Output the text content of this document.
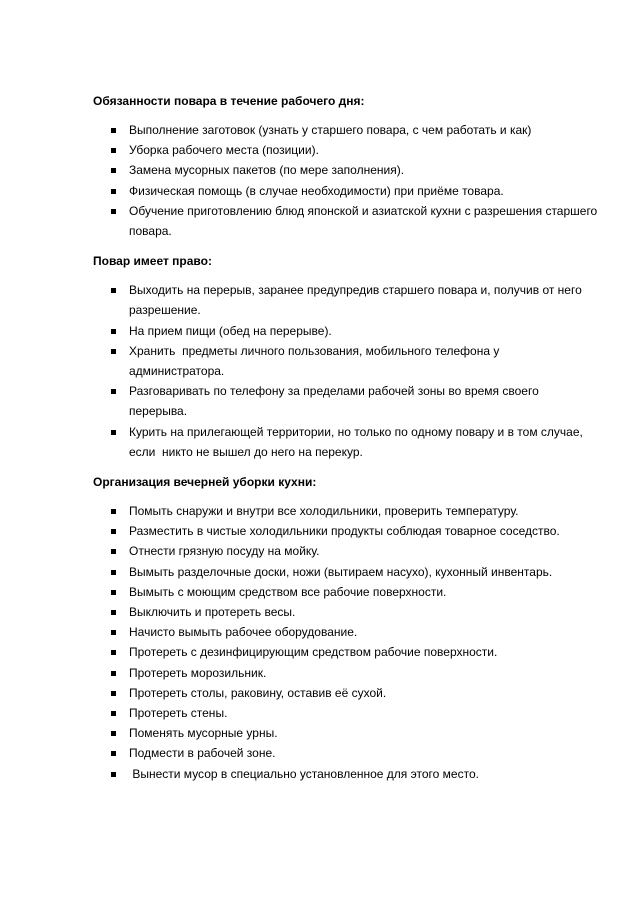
Обязанности повара в течение рабочего дня:
Выполнение заготовок (узнать у старшего повара, с чем работать и как)
Уборка рабочего места (позиции).
Замена мусорных пакетов (по мере заполнения).
Физическая помощь (в случае необходимости) при приёме товара.
Обучение приготовлению блюд японской и азиатской кухни с разрешения старшего
повара.
Повар имеет право:
Выходить на перерыв, заранее предупредив старшего повара и, получив от него
разрешение.
На прием пищи (обед на перерыве).
Хранить  предметы личного пользования, мобильного телефона у
администратора.
Разговаривать по телефону за пределами рабочей зоны во время своего
перерыва.
Курить на прилегающей территории, но только по одному повару и в том случае,
если  никто не вышел до него на перекур.
Организация вечерней уборки кухни:
Помыть снаружи и внутри все холодильники, проверить температуру.
Разместить в чистые холодильники продукты соблюдая товарное соседство.
Отнести грязную посуду на мойку.
Вымыть разделочные доски, ножи (вытираем насухо), кухонный инвентарь.
Вымыть с моющим средством все рабочие поверхности.
Выключить и протереть весы.
Начисто вымыть рабочее оборудование.
Протереть с дезинфицирующим средством рабочие поверхности.
Протереть морозильник.
Протереть столы, раковину, оставив её сухой.
Протереть стены.
Поменять мусорные урны.
Подмести в рабочей зоне.
Вынести мусор в специально установленное для этого место.
